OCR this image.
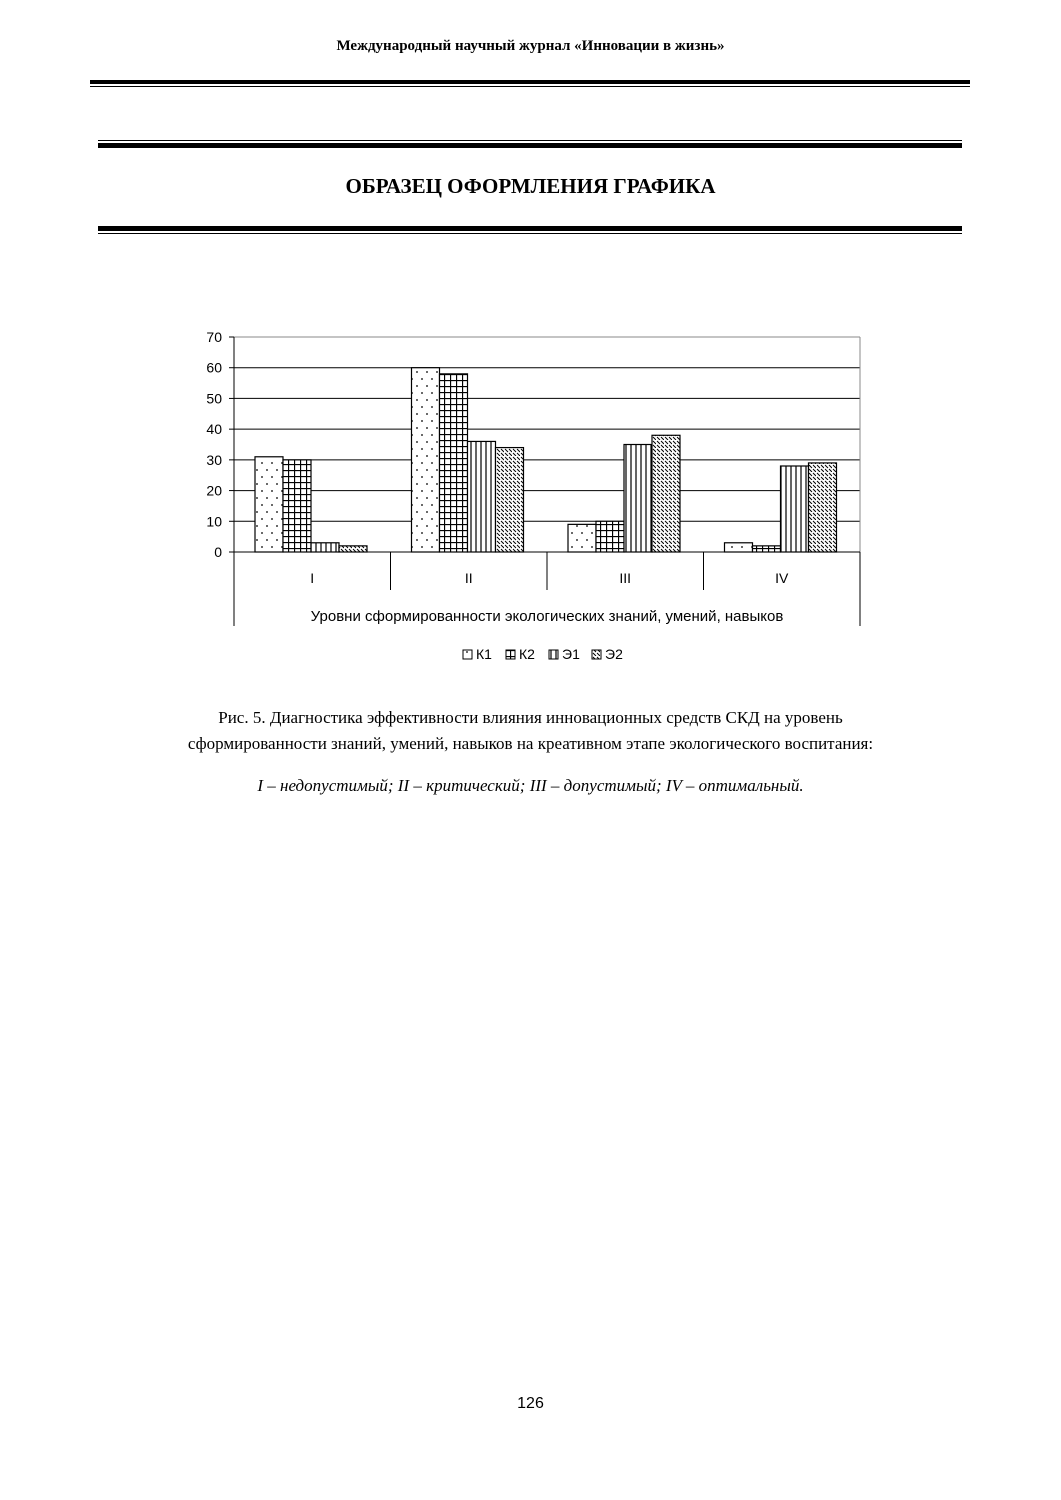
Международный научный журнал «Инновации в жизнь»
ОБРАЗЕЦ ОФОРМЛЕНИЯ ГРАФИКА
0
10
20
30
40
50
60
70
I	II	III	IV
Уровни сформированности экологических знаний, умений, навыков
К1 К2 Э1 Э2
Рис. 5. Диагностика эффективности влияния инновационных средств СКД на уровень
сформированности знаний, умений, навыков на креативном этапе экологического воспитания:
I – недопустимый; II – критический; III – допустимый; IV – оптимальный.
126
